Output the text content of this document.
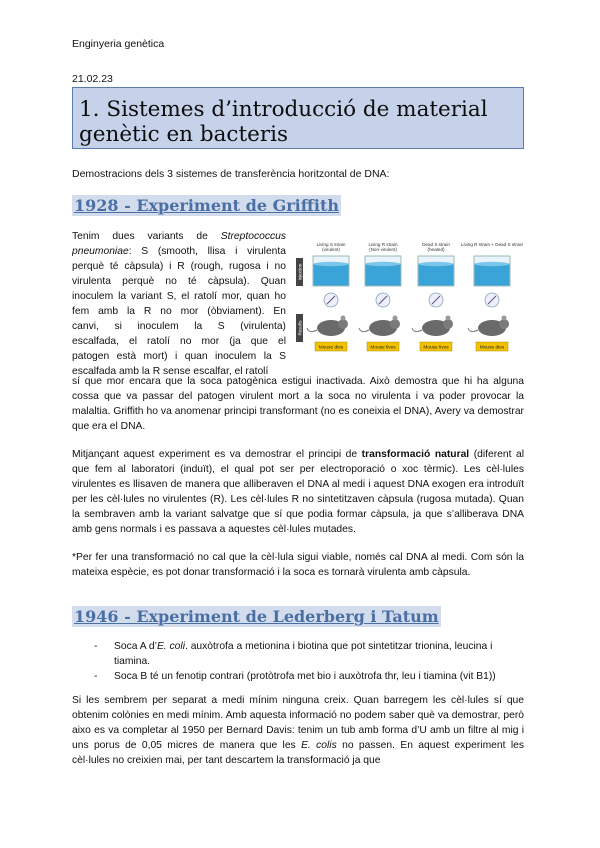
Enginyeria genètica
21.02.23
1. Sistemes d’introducció de material genètic en bacteris
Demostracions dels 3 sistemes de transferència horitzontal de DNA:
1928 - Experiment de Griffith
Tenim dues variants de Streptococcus
pneumoniae: S (smooth, llisa i virulenta
perquè té càpsula) i R (rough, rugosa i no
virulenta perquè no té càpsula). Quan
inoculem la variant S, el ratolí mor, quan ho
fem amb la R no mor (òbviament). En
canvi, si inoculem la S (virulenta)
escalfada, el ratolí no mor (ja que el
patogen està mort) i quan inoculem la S
escalfada amb la R sense escalfar, el ratolí
sí que mor encara que la soca patogènica estigui inactivada. Això demostra que hi ha alguna cossa que va passar del patogen virulent mort a la soca no virulenta i va poder provocar la malaltia. Griffith ho va anomenar principi transformant (no es coneixia el DNA), Avery va demostrar que era el DNA.
Injection
Results
Living S strain
(virulent)
Mouse dies
Living R strain
(Non-virulent)
Mouse lives
Dead S strain
(heated)
Mouse lives
Living R strain + Dead S strain
Mouse dies
Mitjançant aquest experiment es va demostrar el principi de transformació natural (diferent al que fem al laboratori (induït), el qual pot ser per electroporació o xoc tèrmic). Les cèl·lules virulentes es llisaven de manera que alliberaven el DNA al medi i aquest DNA exogen era introduït per les cèl·lules no virulentes (R). Les cèl·lules R no sintetitzaven càpsula (rugosa mutada). Quan la sembraven amb la variant salvatge que sí que podia formar càpsula, ja que s’alliberava DNA amb gens normals i es passava a aquestes cèl·lules mutades.
*Per fer una transformació no cal que la cèl·lula sigui viable, només cal DNA al medi. Com són la mateixa espècie, es pot donar transformació i la soca es tornarà virulenta amb càpsula.
1946 - Experiment de Lederberg i Tatum
- Soca A d’E. coli. auxòtrofa a metionina i biotina que pot sintetitzar trionina, leucina i tiamina.
- Soca B té un fenotip contrari (protòtrofa met bio i auxòtrofa thr, leu i tiamina (vit B1))
Si les sembrem per separat a medi mínim ninguna creix. Quan barregem les cèl·lules sí que obtenim colònies en medi mínim. Amb aquesta informació no podem saber què va demostrar, però aixo es va completar al 1950 per Bernard Davis: tenim un tub amb forma d’U amb un filtre al mig i uns porus de 0,05 micres de manera que les E. colis no passen. En aquest experiment les cèl·lules no creixien mai, per tant descartem la transformació ja que
